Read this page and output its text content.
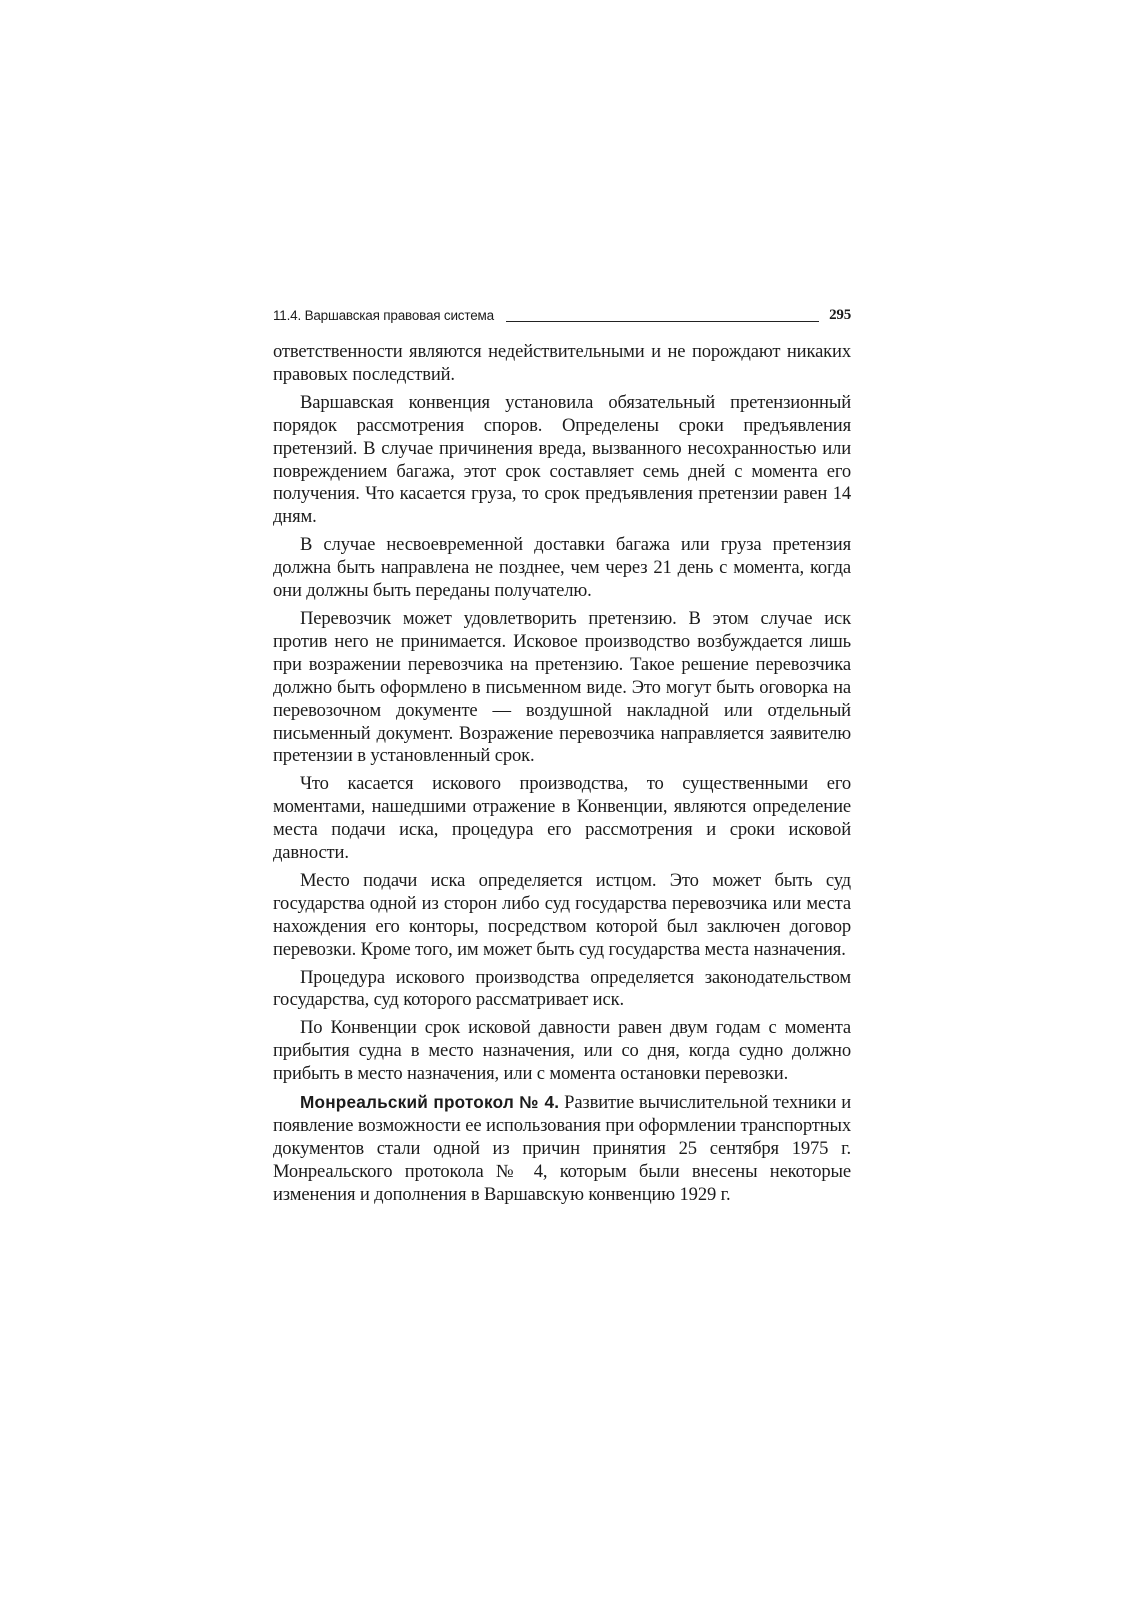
11.4. Варшавская правовая система	295

ответственности являются недействительными и не порождают никаких правовых последствий.

Варшавская конвенция установила обязательный претензионный порядок рассмотрения споров. Определены сроки предъявления претензий. В случае причинения вреда, вызванного несохранностью или повреждением багажа, этот срок составляет семь дней с момента его получения. Что касается груза, то срок предъявления претензии равен 14 дням.

В случае несвоевременной доставки багажа или груза претензия должна быть направлена не позднее, чем через 21 день с момента, когда они должны быть переданы получателю.

Перевозчик может удовлетворить претензию. В этом случае иск против него не принимается. Исковое производство возбуждается лишь при возражении перевозчика на претензию. Такое решение перевозчика должно быть оформлено в письменном виде. Это могут быть оговорка на перевозочном документе — воздушной накладной или отдельный письменный документ. Возражение перевозчика направляется заявителю претензии в установленный срок.

Что касается искового производства, то существенными его моментами, нашедшими отражение в Конвенции, являются определение места подачи иска, процедура его рассмотрения и сроки исковой давности.

Место подачи иска определяется истцом. Это может быть суд государства одной из сторон либо суд государства перевозчика или места нахождения его конторы, посредством которой был заключен договор перевозки. Кроме того, им может быть суд государства места назначения.

Процедура искового производства определяется законодательством государства, суд которого рассматривает иск.

По Конвенции срок исковой давности равен двум годам с момента прибытия судна в место назначения, или со дня, когда судно должно прибыть в место назначения, или с момента остановки перевозки.

Монреальский протокол № 4. Развитие вычислительной техники и появление возможности ее использования при оформлении транспортных документов стали одной из причин принятия 25 сентября 1975 г. Монреальского протокола № 4, которым были внесены некоторые изменения и дополнения в Варшавскую конвенцию 1929 г.
